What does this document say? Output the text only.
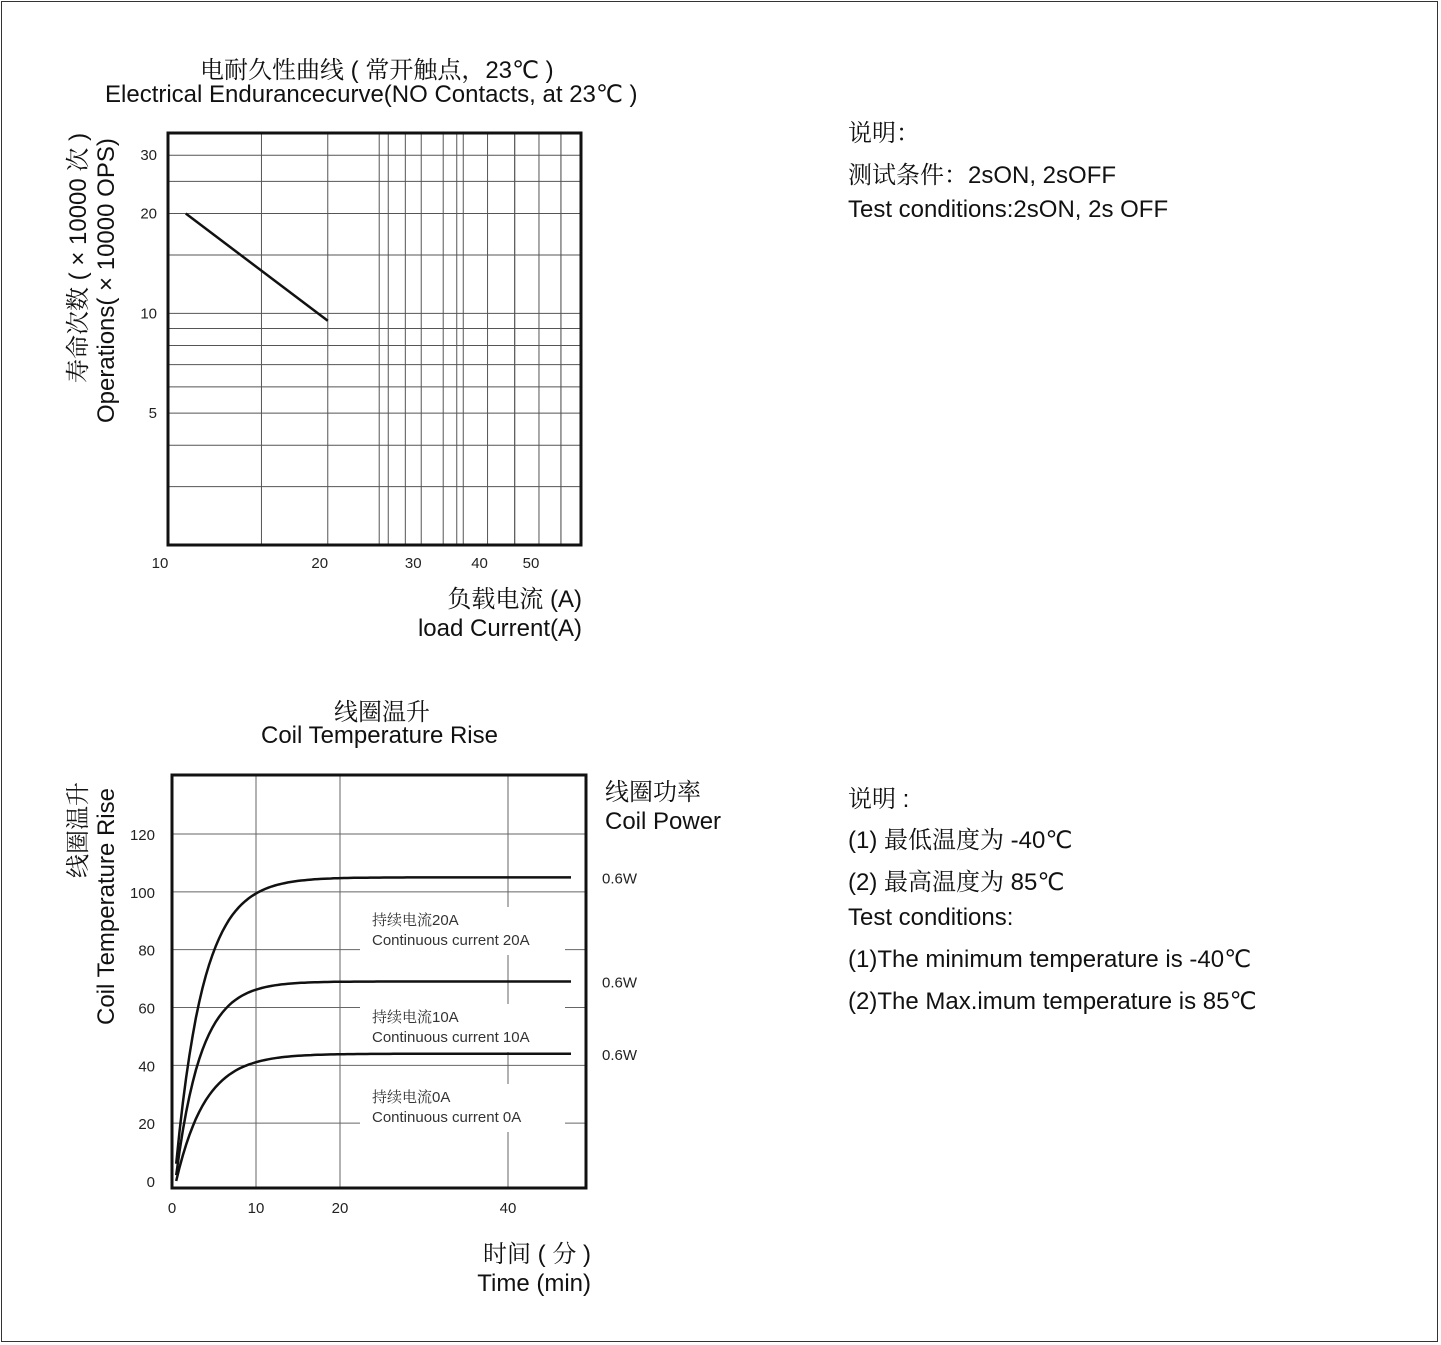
电耐久性曲线 ( 常开触点，23℃ )
Electrical Endurancecurve(NO Contacts, at 23℃ )
线圈温升
Coil Temperature Rise
说明：
测试条件：2sON, 2sOFF
Test conditions:2sON, 2s OFF
说明 :
(1) 最低温度为 -40℃
(2) 最高温度为 85℃
Test conditions:
(1)The minimum temperature is -40℃
(2)The Max.imum temperature is 85℃
10	20	30	40 50
5
10
20
30
寿命次数 ( × 10000 次 ) Operations( × 10000 OPS)
负载电流 (A)
load Current(A)
0	10	20	40
0
20
40
60
80
100
120
持续电流20A
Continuous current 20A
0.6W
持续电流10A
Continuous current 10A
0.6W
持续电流0A
Continuous current 0A
0.6W
线圈温升 Coil Temperature Rise
时间 ( 分 )
Time (min)
线圈功率
Coil Power
